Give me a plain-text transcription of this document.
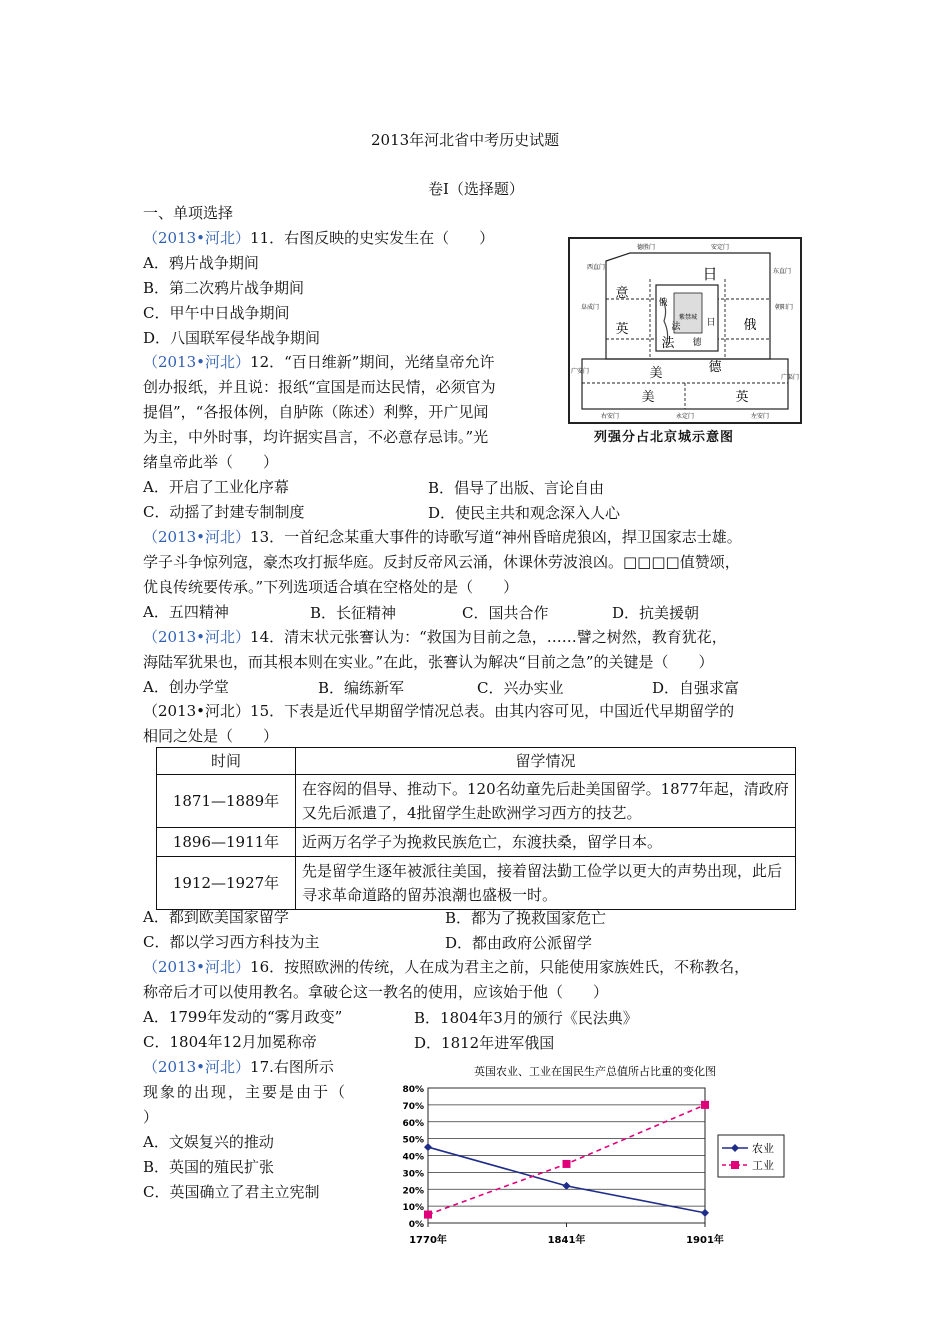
2013年河北省中考历史试题
卷Ⅰ（选择题）
一、单项选择
（2013•河北）11．右图反映的史实发生在（　　）
A．鸦片战争期间
B．第二次鸦片战争期间
C．甲午中日战争期间
D．八国联军侵华战争期间
（2013•河北）12．“百日维新”期间，光绪皇帝允许
创办报纸，并且说：报纸“宣国是而达民情，必须官为
提倡”，“各报体例，自胪陈（陈述）利弊，开广见闻
为主，中外时事，均许据实昌言，不必意存忌讳。”光
绪皇帝此举（　　）
A．开启了工业化序幕	B．倡导了出版、言论自由
C．动摇了封建专制制度	D．使民主共和观念深入人心
（2013•河北）13．一首纪念某重大事件的诗歌写道“神州昏暗虎狼凶，捍卫国家志士雄。
学子斗争惊列寇，豪杰攻打振华庭。反封反帝风云涌，休课休劳波浪凶。□□□□值赞颂，
优良传统要传承。”下列选项适合填在空格处的是（　　）
A．五四精神	B．长征精神	C．国共合作	D．抗美援朝
（2013•河北）14．清末状元张謇认为：“救国为目前之急，……譬之树然，教育犹花，
海陆军犹果也，而其根本则在实业。”在此，张謇认为解决“目前之急”的关键是（　　）
A．创办学堂	B．编练新军	C．兴办实业	D．自强求富
（2013•河北）15．下表是近代早期留学情况总表。由其内容可见，中国近代早期留学的
相同之处是（　　）
时间	留学情况
1871—1889年	在容闳的倡导、推动下。120名幼童先后赴美国留学。1877年起，清政府又先后派遣了，4批留学生赴欧洲学习西方的技艺。
1896—1911年	近两万名学子为挽救民族危亡，东渡扶桑，留学日本。
1912—1927年	先是留学生逐年被派往美国，接着留法勤工俭学以更大的声势出现，此后寻求革命道路的留苏浪潮也盛极一时。
A．都到欧美国家留学	B．都为了挽救国家危亡
C．都以学习西方科技为主	D．都由政府公派留学
（2013•河北）16．按照欧洲的传统，人在成为君主之前，只能使用家族姓氏，不称教名，
称帝后才可以使用教名。拿破仑这一教名的使用，应该始于他（　　）
A．1799年发动的“雾月政变”	B．1804年3月的颁行《民法典》
C．1804年12月加冕称帝	D．1812年进军俄国
（2013•河北）17.右图所示
现象的出现，主要是由于（
）
A．文娱复兴的推动
B．英国的殖民扩张
C．英国确立了君主立宪制
日
意
俄
英
法
美	德
美	英
俄
法	日
德
紫禁城
德胜门	安定门
西直门
东直门
阜成门	朝阳门
广安门
广渠门
右安门	永定门	左安门
列强分占北京城示意图
英国农业、工业在国民生产总值所占比重的变化图
0%
10%
20%
30%
40%
50%
60%
70%
80%
1770年	1841年	1901年
农业
工业
